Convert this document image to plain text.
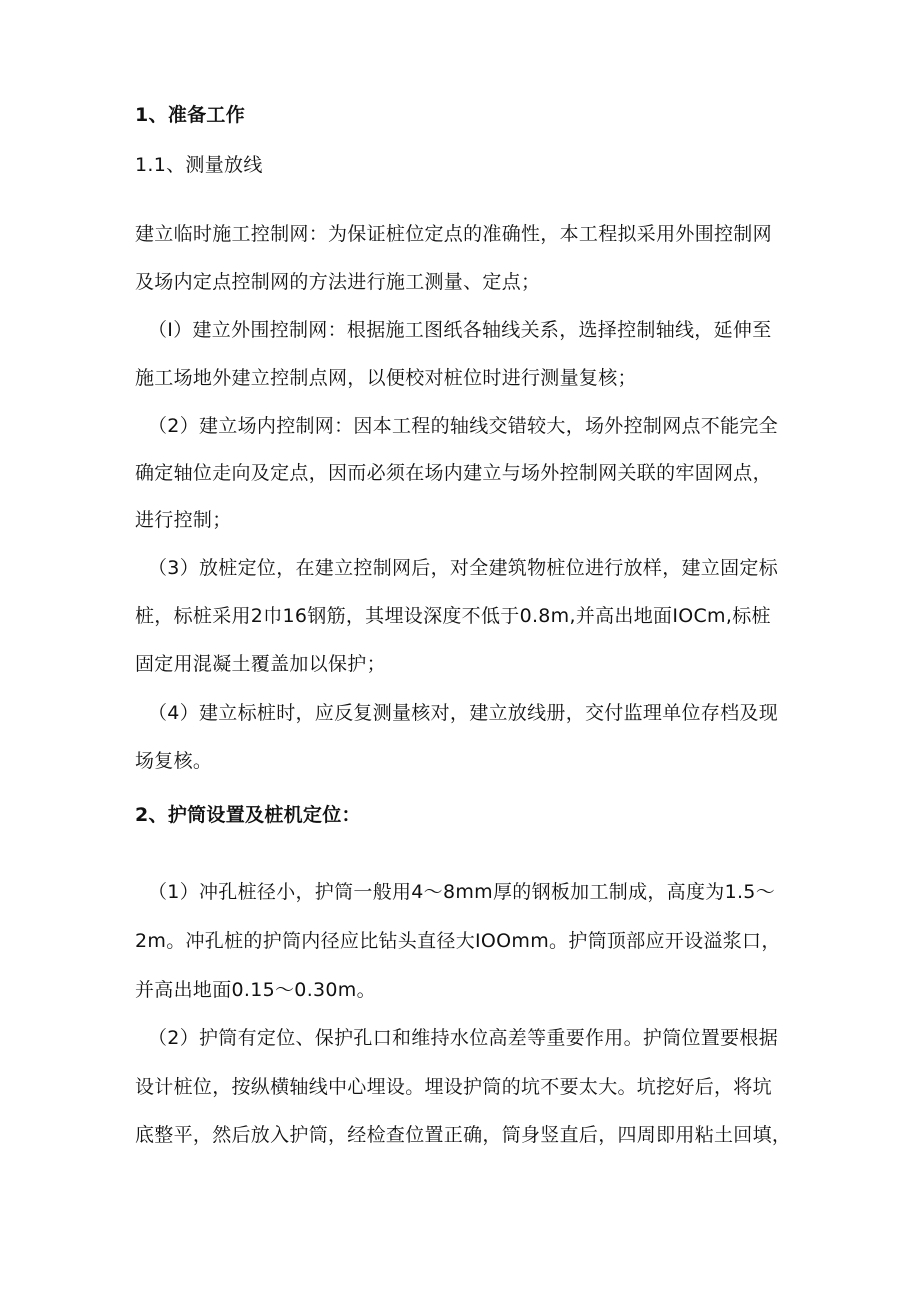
1、准备工作

1.1、测量放线

建立临时施工控制网：为保证桩位定点的准确性，本工程拟采用外围控制网

及场内定点控制网的方法进行施工测量、定点；

（I）建立外围控制网：根据施工图纸各轴线关系，选择控制轴线，延伸至

施工场地外建立控制点网，以便校对桩位时进行测量复核；

（2）建立场内控制网：因本工程的轴线交错较大，场外控制网点不能完全

确定轴位走向及定点，因而必须在场内建立与场外控制网关联的牢固网点，

进行控制；

（3）放桩定位，在建立控制网后，对全建筑物桩位进行放样，建立固定标

桩，标桩采用2巾16钢筋，其埋设深度不低于0.8m,并高出地面IOCm,标桩

固定用混凝土覆盖加以保护；

（4）建立标桩时，应反复测量核对，建立放线册，交付监理单位存档及现

场复核。

2、护筒设置及桩机定位：

（1）冲孔桩径小，护筒一般用4～8mm厚的钢板加工制成，高度为1.5～

2m。冲孔桩的护筒内径应比钻头直径大IOOmm。护筒顶部应开设溢浆口，

并高出地面0.15～0.30m。

（2）护筒有定位、保护孔口和维持水位高差等重要作用。护筒位置要根据

设计桩位，按纵横轴线中心埋设。埋设护筒的坑不要太大。坑挖好后，将坑

底整平，然后放入护筒，经检查位置正确，筒身竖直后，四周即用粘土回填，
